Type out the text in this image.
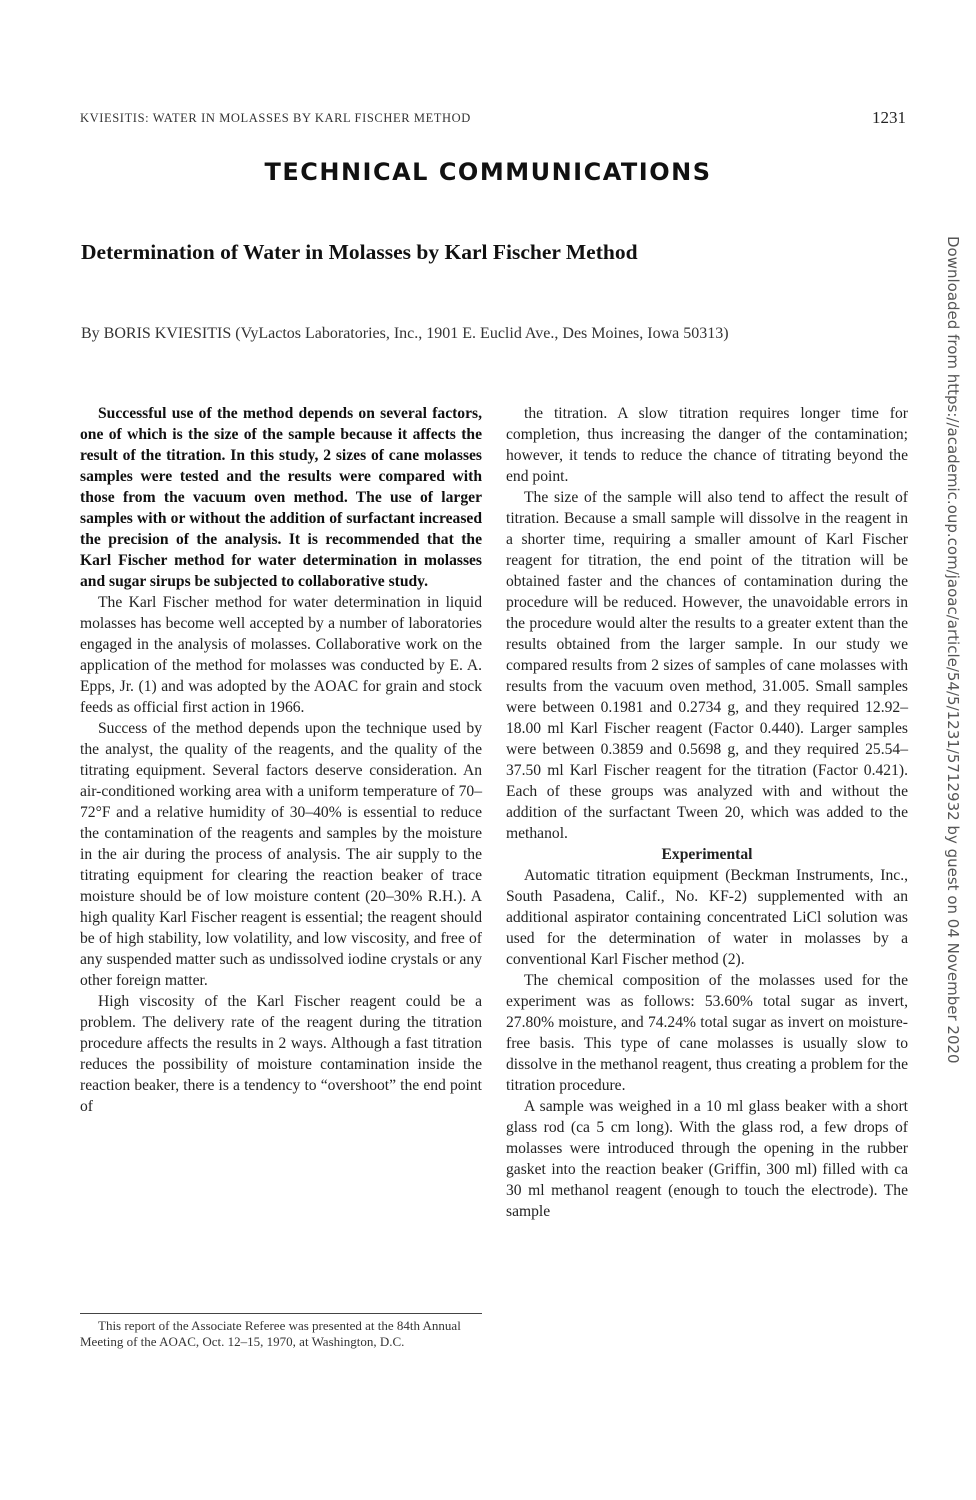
KVIESITIS: WATER IN MOLASSES BY KARL FISCHER METHOD	1231
TECHNICAL COMMUNICATIONS
Determination of Water in Molasses by Karl Fischer Method
By BORIS KVIESITIS (VyLactos Laboratories, Inc., 1901 E. Euclid Ave., Des Moines, Iowa 50313)	Downloaded from https://academic.oup.com/jaoac/article/54/5/1231/5712932 by guest on 04 November 2020

Successful use of the method depends on several factors, one of which is the size of the sample because it affects the result of the titration. In this study, 2 sizes of cane molasses samples were tested and the results were compared with those from the vacuum oven method. The use of larger samples with or without the addition of surfactant increased the precision of the analysis. It is recommended that the Karl Fischer method for water determination in molasses and sugar sirups be subjected to collaborative study.

The Karl Fischer method for water determination in liquid molasses has become well accepted by a number of laboratories engaged in the analysis of molasses. Collaborative work on the application of the method for molasses was conducted by E. A. Epps, Jr. (1) and was adopted by the AOAC for grain and stock feeds as official first action in 1966.

Success of the method depends upon the technique used by the analyst, the quality of the reagents, and the quality of the titrating equipment. Several factors deserve consideration. An air-conditioned working area with a uniform temperature of 70–72°F and a relative humidity of 30–40% is essential to reduce the contamination of the reagents and samples by the moisture in the air during the process of analysis. The air supply to the titrating equipment for clearing the reaction beaker of trace moisture should be of low moisture content (20–30% R.H.). A high quality Karl Fischer reagent is essential; the reagent should be of high stability, low volatility, and low viscosity, and free of any suspended matter such as undissolved iodine crystals or any other foreign matter.

High viscosity of the Karl Fischer reagent could be a problem. The delivery rate of the reagent during the titration procedure affects the results in 2 ways. Although a fast titration reduces the possibility of moisture contamination inside the reaction beaker, there is a tendency to “overshoot” the end point of

This report of the Associate Referee was presented at the 84th Annual Meeting of the AOAC, Oct. 12–15, 1970, at Washington, D.C.

the titration. A slow titration requires longer time for completion, thus increasing the danger of the contamination; however, it tends to reduce the chance of titrating beyond the end point.

The size of the sample will also tend to affect the result of titration. Because a small sample will dissolve in the reagent in a shorter time, requiring a smaller amount of Karl Fischer reagent for titration, the end point of the titration will be obtained faster and the chances of contamination during the procedure will be reduced. However, the unavoidable errors in the procedure would alter the results to a greater extent than the results obtained from the larger sample. In our study we compared results from 2 sizes of samples of cane molasses with results from the vacuum oven method, 31.005. Small samples were between 0.1981 and 0.2734 g, and they required 12.92–18.00 ml Karl Fischer reagent (Factor 0.440). Larger samples were between 0.3859 and 0.5698 g, and they required 25.54–37.50 ml Karl Fischer reagent for the titration (Factor 0.421). Each of these groups was analyzed with and without the addition of the surfactant Tween 20, which was added to the methanol.

Experimental

Automatic titration equipment (Beckman Instruments, Inc., South Pasadena, Calif., No. KF-2) supplemented with an additional aspirator containing concentrated LiCl solution was used for the determination of water in molasses by a conventional Karl Fischer method (2).

The chemical composition of the molasses used for the experiment was as follows: 53.60% total sugar as invert, 27.80% moisture, and 74.24% total sugar as invert on moisture-free basis. This type of cane molasses is usually slow to dissolve in the methanol reagent, thus creating a problem for the titration procedure.

A sample was weighed in a 10 ml glass beaker with a short glass rod (ca 5 cm long). With the glass rod, a few drops of molasses were introduced through the opening in the rubber gasket into the reaction beaker (Griffin, 300 ml) filled with ca 30 ml methanol reagent (enough to touch the electrode). The sample
